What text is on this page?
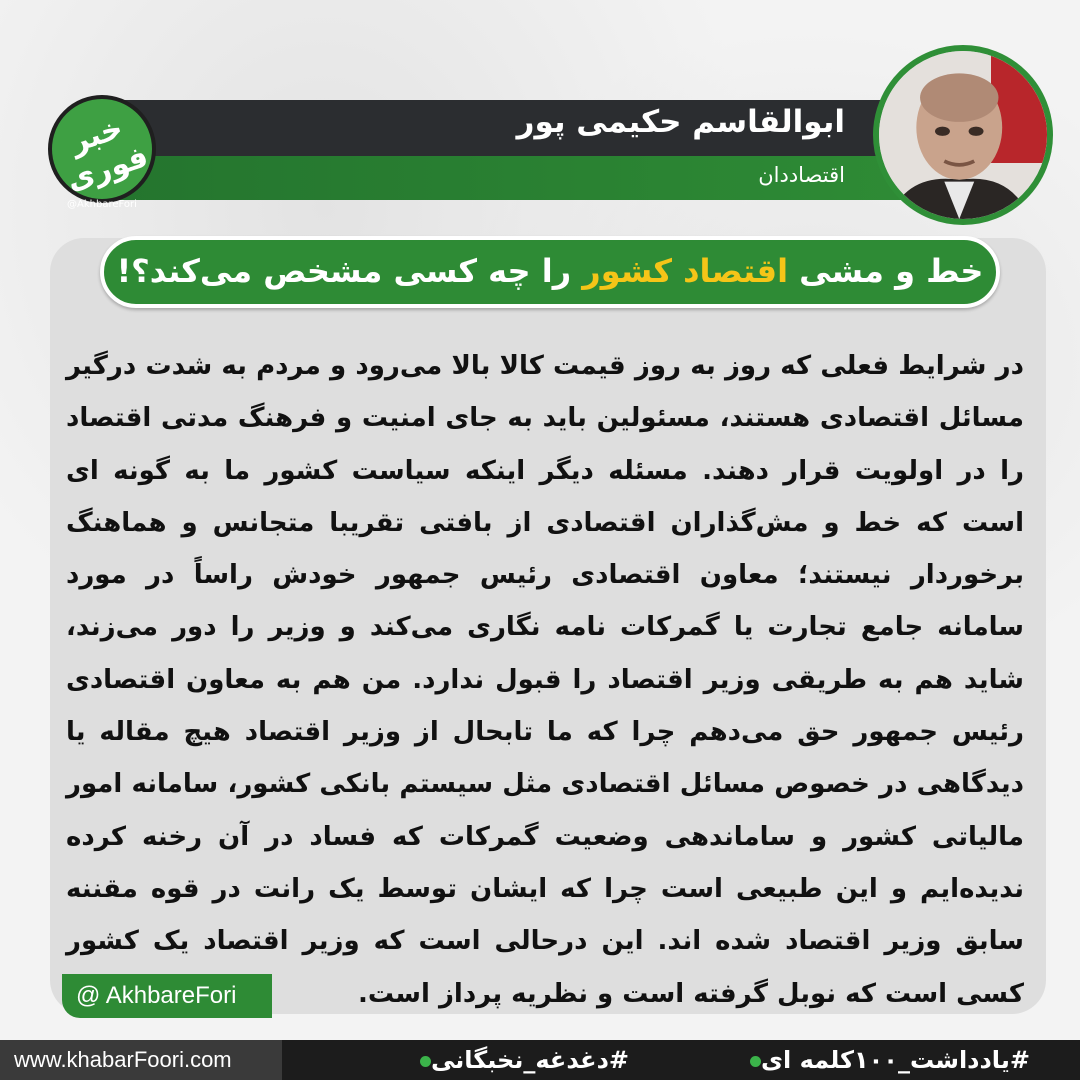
ابوالقاسم حکیمی پور
اقتصاددان
خبر فوری
@AkhbareFori
خط و مشی اقتصاد کشور را چه کسی مشخص می‌کند؟!
در شرایط فعلی که روز به روز قیمت کالا بالا می‌رود و مردم به شدت درگیر مسائل اقتصادی هستند، مسئولین باید به جای امنیت و فرهنگ مدتی اقتصاد را در اولویت قرار دهند. مسئله دیگر اینکه سیاست کشور ما به گونه ای است که خط و مش‌گذاران اقتصادی از بافتی تقریبا متجانس و هماهنگ برخوردار نیستند؛ معاون اقتصادی رئیس جمهور خودش راساً در مورد سامانه جامع تجارت یا گمرکات نامه نگاری می‌کند و وزیر را دور می‌زند، شاید هم به طریقی وزیر اقتصاد را قبول ندارد. من هم به معاون اقتصادی رئیس جمهور حق می‌دهم چرا که ما تابحال از وزیر اقتصاد هیچ مقاله یا دیدگاهی در خصوص مسائل اقتصادی مثل سیستم بانکی کشور، سامانه امور مالیاتی کشور و ساماندهی وضعیت گمرکات که فساد در آن رخنه کرده ندیده‌ایم و این طبیعی است چرا که ایشان توسط یک رانت در قوه مقننه سابق وزیر اقتصاد شده اند. این درحالی است که وزیر اقتصاد یک کشور کسی است که نوبل گرفته است و نظریه پرداز است.
@ AkhbareFori
www.khabarFoori.com	#دغدغه_نخبگانی	#یادداشت_۱۰۰کلمه ای
